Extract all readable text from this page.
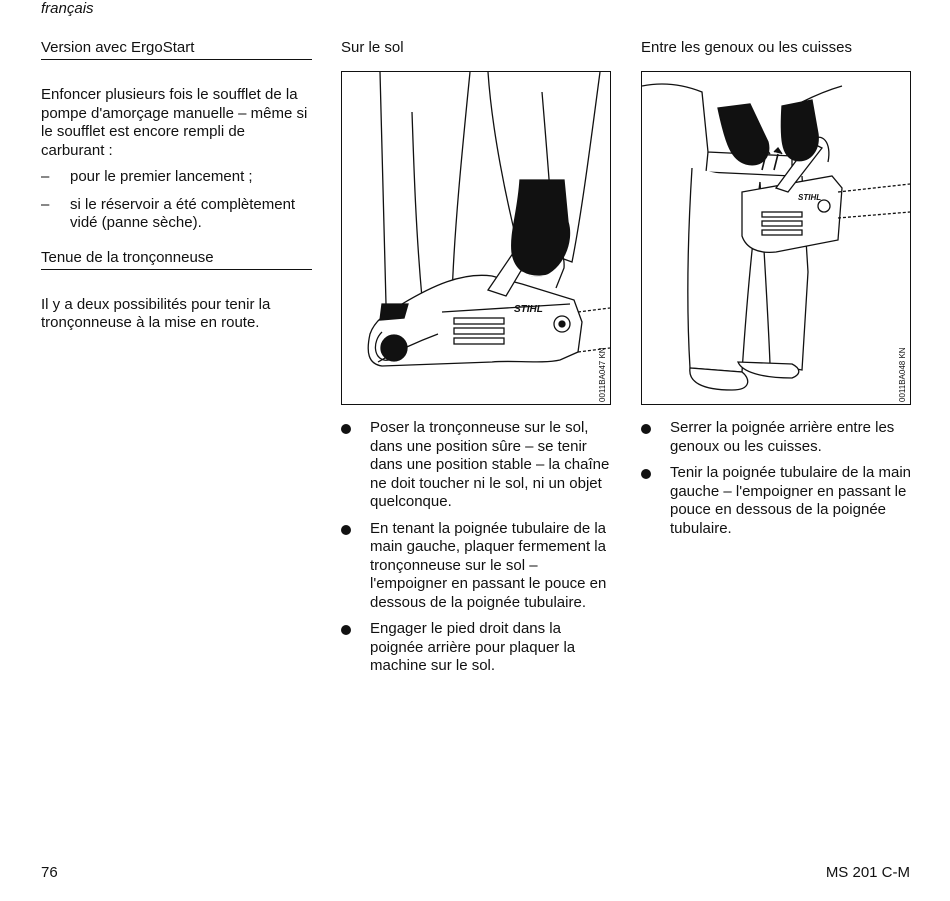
français
Version avec ErgoStart

Enfoncer plusieurs fois le soufflet de la pompe d'amorçage manuelle – même si le soufflet est encore rempli de carburant :

– pour le premier lancement ;
– si le réservoir a été complètement vidé (panne sèche).
Tenue de la tronçonneuse

Il y a deux possibilités pour tenir la tronçonneuse à la mise en route.

Sur le sol
STIHL
0011BA047 KN
Poser la tronçonneuse sur le sol, dans une position sûre – se tenir dans une position stable – la chaîne ne doit toucher ni le sol, ni un objet quelconque.
En tenant la poignée tubulaire de la main gauche, plaquer fermement la tronçonneuse sur le sol – l'empoigner en passant le pouce en dessous de la poignée tubulaire.
Engager le pied droit dans la poignée arrière pour plaquer la machine sur le sol.
Entre les genoux ou les cuisses
STIHL
0011BA048 KN
Serrer la poignée arrière entre les genoux ou les cuisses.
Tenir la poignée tubulaire de la main gauche – l'empoigner en passant le pouce en dessous de la poignée tubulaire.
76	MS 201 C-M
